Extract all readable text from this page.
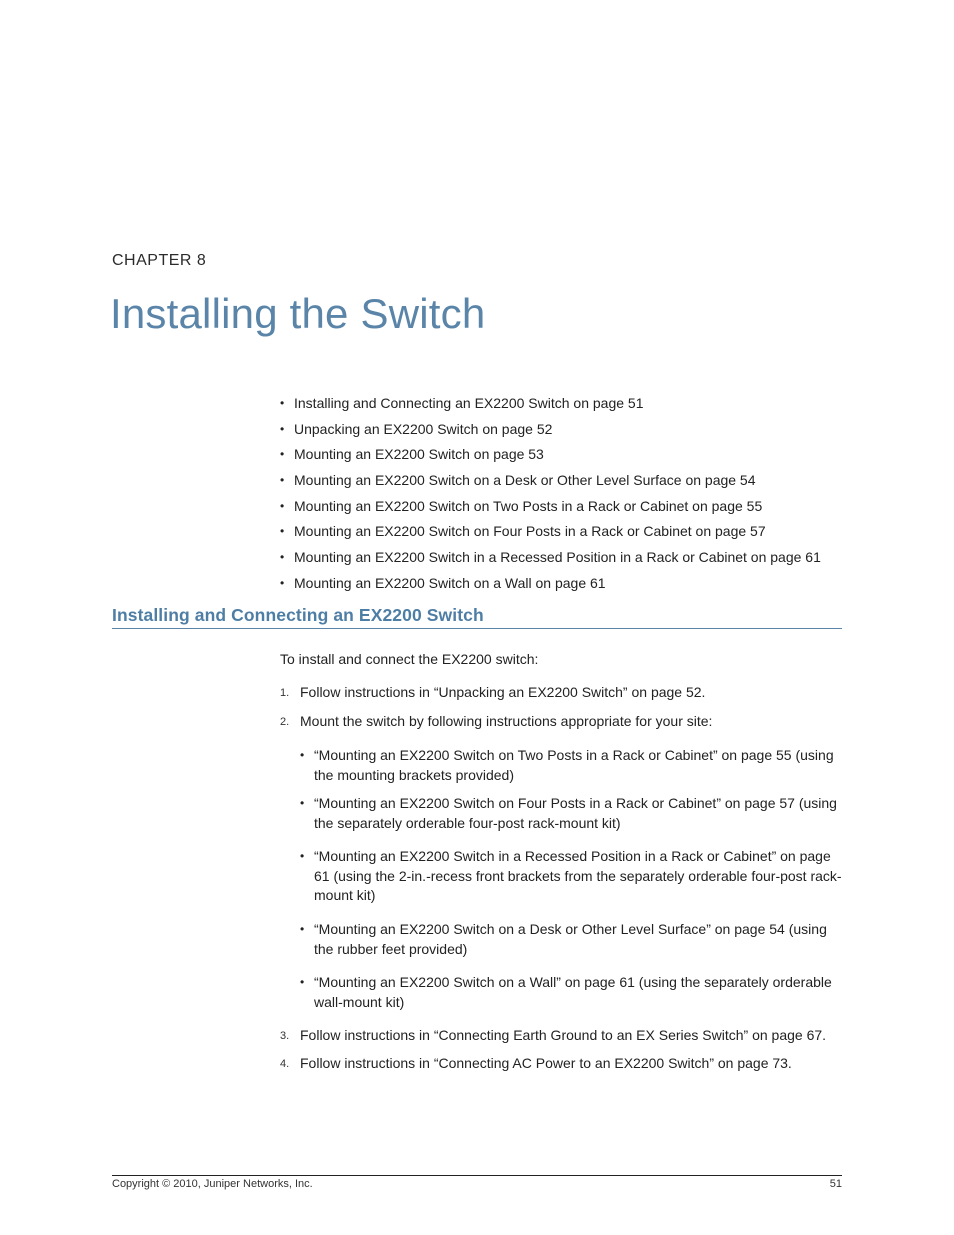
CHAPTER 8
Installing the Switch
• Installing and Connecting an EX2200 Switch on page 51
• Unpacking an EX2200 Switch on page 52
• Mounting an EX2200 Switch on page 53
• Mounting an EX2200 Switch on a Desk or Other Level Surface on page 54
• Mounting an EX2200 Switch on Two Posts in a Rack or Cabinet on page 55
• Mounting an EX2200 Switch on Four Posts in a Rack or Cabinet on page 57
• Mounting an EX2200 Switch in a Recessed Position in a Rack or Cabinet on page 61
• Mounting an EX2200 Switch on a Wall on page 61
Installing and Connecting an EX2200 Switch

To install and connect the EX2200 switch:

1. Follow instructions in “Unpacking an EX2200 Switch” on page 52.
2. Mount the switch by following instructions appropriate for your site:
• “Mounting an EX2200 Switch on Two Posts in a Rack or Cabinet” on page 55 (using the mounting brackets provided)
• “Mounting an EX2200 Switch on Four Posts in a Rack or Cabinet” on page 57 (using the separately orderable four-post rack-mount kit)
• “Mounting an EX2200 Switch in a Recessed Position in a Rack or Cabinet” on page 61 (using the 2-in.-recess front brackets from the separately orderable four-post rack-mount kit)
• “Mounting an EX2200 Switch on a Desk or Other Level Surface” on page 54 (using the rubber feet provided)
• “Mounting an EX2200 Switch on a Wall” on page 61 (using the separately orderable wall-mount kit)
3. Follow instructions in “Connecting Earth Ground to an EX Series Switch” on page 67.
4. Follow instructions in “Connecting AC Power to an EX2200 Switch” on page 73.
Copyright © 2010, Juniper Networks, Inc.	51
